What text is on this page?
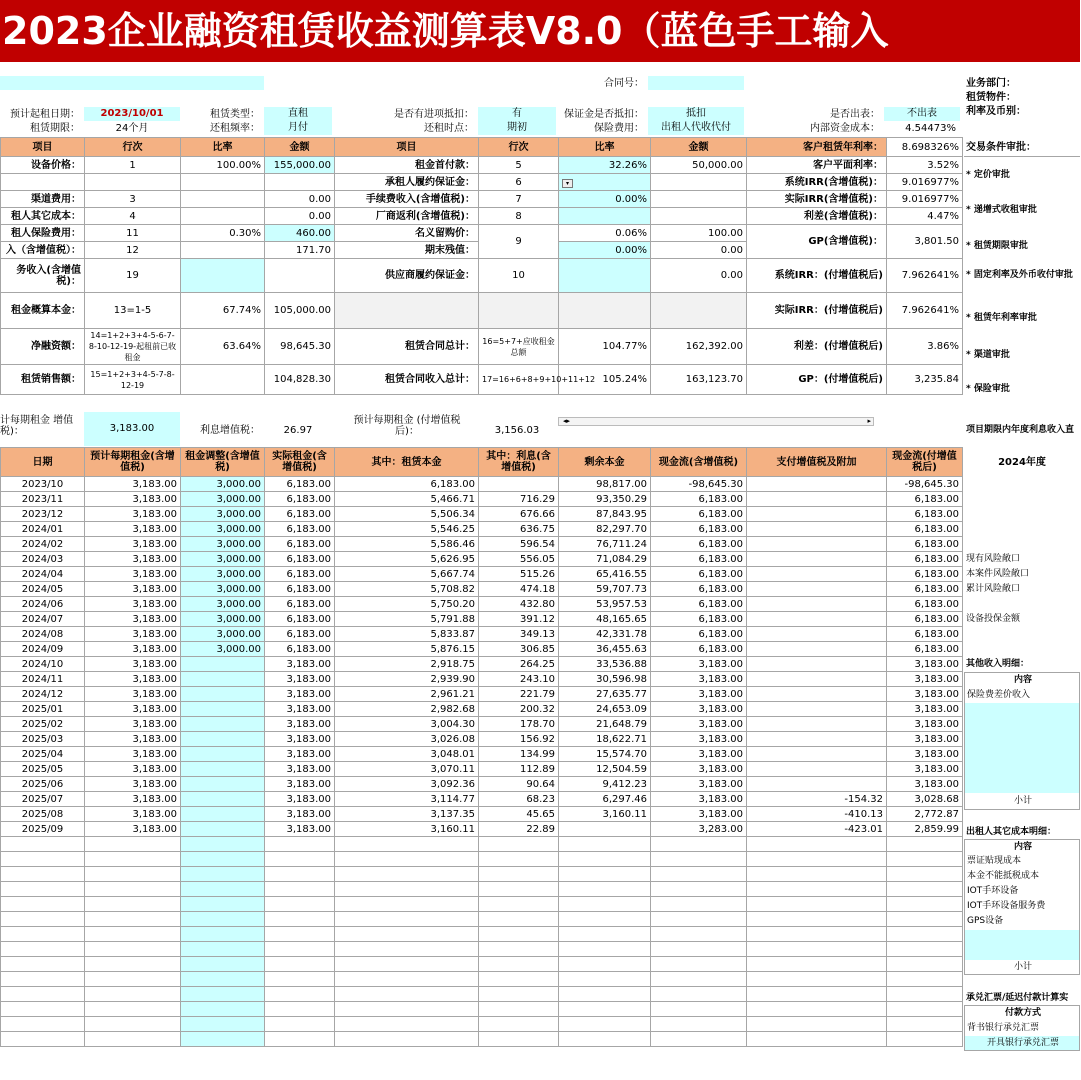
2023企业融资租赁收益测算表V8.0（蓝色手工输入
合同号：
预计起租日期：	2023/10/01	租赁类型：	直租	是否有进项抵扣：	有	保证金是否抵扣：	抵扣	是否出表：	不出表
租赁期限：	24个月	还租频率：	月付	还租时点：	期初	保险费用：	出租人代收代付	内部资金成本：	4.54473%
项目	行次	比率	金额	项目	行次	比率	金额	客户租赁年利率：	8.698326%
设备价格：	1	100.00%	155,000.00	租金首付款：	5	32.26%	50,000.00	客户平面利率：	3.52%
				承租人履约保证金：	6	▾		系统IRR(含增值税)：	9.016977%
渠道费用：	3		0.00	手续费收入(含增值税)：	7	0.00%		实际IRR(含增值税)：	9.016977%
租人其它成本：	4		0.00	厂商返利(含增值税)：	8			利差(含增值税)：	4.47%
租人保险费用：	11	0.30%	460.00	名义留购价：	9	0.06%	100.00	GP(含增值税)：	3,801.50
入（含增值税）：	12		171.70	期末残值：		0.00%	0.00		
务收入(含增值税)：	19			供应商履约保证金：	10		0.00	系统IRR：(付增值税后)	7.962641%
租金概算本金：	13=1-5	67.74%	105,000.00					实际IRR：(付增值税后)	7.962641%
净融资额：	14=1+2+3+4-5-6-7-8-10-12-19-起租前已收租金	63.64%	98,645.30	租赁合同总计：	16=5+7+应收租金总额	104.77%	162,392.00	利差：(付增值税后)	3.86%
租赁销售额：	15=1+2+3+4-5-7-8-12-19		104,828.30	租赁合同收入总计：	17=16+6+8+9+10+11+12	105.24%	163,123.70	GP：(付增值税后)	3,235.84
计每期租金 增值税)：	3,183.00	利息增值税：	26.97
预计每期租金 (付增值税后)：	3,156.03
◂▸	▸
日期	预计每期租金(含增值税)	租金调整(含增值税)	实际租金(含增值税)	其中：租赁本金	其中：利息(含增值税)	剩余本金	现金流(含增值税)	支付增值税及附加	现金流(付增值税后)
2023/10	3,183.00	3,000.00	6,183.00	6,183.00		98,817.00	-98,645.30		-98,645.30
2023/11	3,183.00	3,000.00	6,183.00	5,466.71	716.29	93,350.29	6,183.00		6,183.00
2023/12	3,183.00	3,000.00	6,183.00	5,506.34	676.66	87,843.95	6,183.00		6,183.00
2024/01	3,183.00	3,000.00	6,183.00	5,546.25	636.75	82,297.70	6,183.00		6,183.00
2024/02	3,183.00	3,000.00	6,183.00	5,586.46	596.54	76,711.24	6,183.00		6,183.00
2024/03	3,183.00	3,000.00	6,183.00	5,626.95	556.05	71,084.29	6,183.00		6,183.00
2024/04	3,183.00	3,000.00	6,183.00	5,667.74	515.26	65,416.55	6,183.00		6,183.00
2024/05	3,183.00	3,000.00	6,183.00	5,708.82	474.18	59,707.73	6,183.00		6,183.00
2024/06	3,183.00	3,000.00	6,183.00	5,750.20	432.80	53,957.53	6,183.00		6,183.00
2024/07	3,183.00	3,000.00	6,183.00	5,791.88	391.12	48,165.65	6,183.00		6,183.00
2024/08	3,183.00	3,000.00	6,183.00	5,833.87	349.13	42,331.78	6,183.00		6,183.00
2024/09	3,183.00	3,000.00	6,183.00	5,876.15	306.85	36,455.63	6,183.00		6,183.00
2024/10	3,183.00		3,183.00	2,918.75	264.25	33,536.88	3,183.00		3,183.00
2024/11	3,183.00		3,183.00	2,939.90	243.10	30,596.98	3,183.00		3,183.00
2024/12	3,183.00		3,183.00	2,961.21	221.79	27,635.77	3,183.00		3,183.00
2025/01	3,183.00		3,183.00	2,982.68	200.32	24,653.09	3,183.00		3,183.00
2025/02	3,183.00		3,183.00	3,004.30	178.70	21,648.79	3,183.00		3,183.00
2025/03	3,183.00		3,183.00	3,026.08	156.92	18,622.71	3,183.00		3,183.00
2025/04	3,183.00		3,183.00	3,048.01	134.99	15,574.70	3,183.00		3,183.00
2025/05	3,183.00		3,183.00	3,070.11	112.89	12,504.59	3,183.00		3,183.00
2025/06	3,183.00		3,183.00	3,092.36	90.64	9,412.23	3,183.00		3,183.00
2025/07	3,183.00		3,183.00	3,114.77	68.23	6,297.46	3,183.00	-154.32	3,028.68
2025/08	3,183.00		3,183.00	3,137.35	45.65	3,160.11	3,183.00	-410.13	2,772.87
2025/09	3,183.00		3,183.00	3,160.11	22.89		3,283.00	-423.01	2,859.99

业务部门：
租赁物件：
利率及币别：
交易条件审批：
* 定价审批
* 递增式收租审批
* 租赁期限审批
* 固定利率及外币收付审批
* 租赁年利率审批
* 渠道审批
* 保险审批
项目期限内年度利息收入直
2024年度
现有风险敞口
本案件风险敞口
累计风险敞口
设备投保金额
其他收入明细：
内容
保险费差价收入
小计
出租人其它成本明细：
内容
票证贴现成本
本金不能抵税成本
IOT手环设备
IOT手环设备服务费
GPS设备
小计
承兑汇票/延迟付款计算实
付款方式
背书银行承兑汇票
开具银行承兑汇票
